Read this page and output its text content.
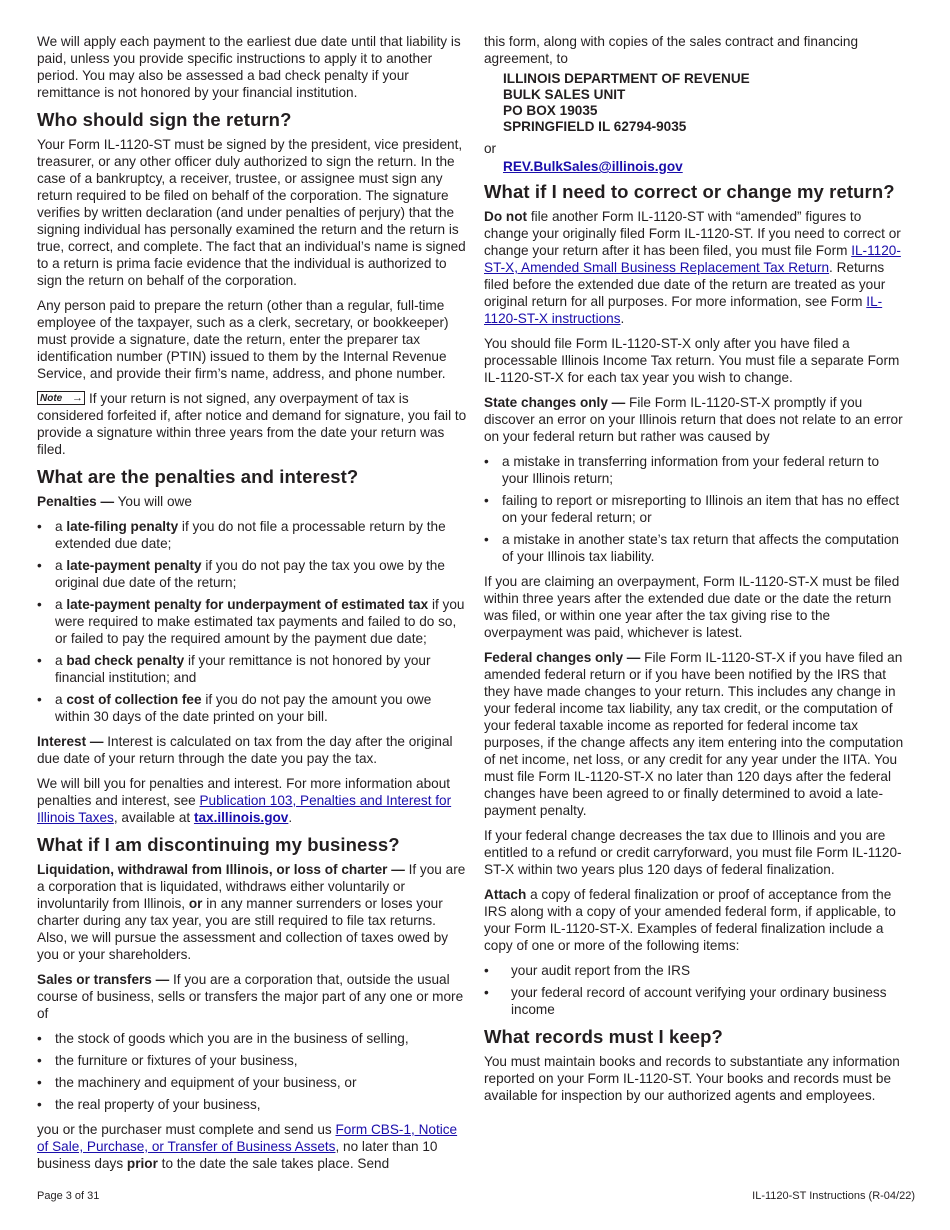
We will apply each payment to the earliest due date until that liability is paid, unless you provide specific instructions to apply it to another period. You may also be assessed a bad check penalty if your remittance is not honored by your financial institution.

Who should sign the return?

Your Form IL-1120-ST must be signed by the president, vice president, treasurer, or any other officer duly authorized to sign the return. In the case of a bankruptcy, a receiver, trustee, or assignee must sign any return required to be filed on behalf of the corporation. The signature verifies by written declaration (and under penalties of perjury) that the signing individual has personally examined the return and the return is true, correct, and complete. The fact that an individual’s name is signed to a return is prima facie evidence that the individual is authorized to sign the return on behalf of the corporation.

Any person paid to prepare the return (other than a regular, full-time employee of the taxpayer, such as a clerk, secretary, or bookkeeper) must provide a signature, date the return, enter the preparer tax identification number (PTIN) issued to them by the Internal Revenue Service, and provide their firm’s name, address, and phone number.

Note → If your return is not signed, any overpayment of tax is considered forfeited if, after notice and demand for signature, you fail to provide a signature within three years from the date your return was filed.

What are the penalties and interest?

Penalties — You will owe

• a late-filing penalty if you do not file a processable return by the extended due date;
• a late-payment penalty if you do not pay the tax you owe by the original due date of the return;
• a late-payment penalty for underpayment of estimated tax if you were required to make estimated tax payments and failed to do so, or failed to pay the required amount by the payment due date;
• a bad check penalty if your remittance is not honored by your financial institution; and
• a cost of collection fee if you do not pay the amount you owe within 30 days of the date printed on your bill.

Interest — Interest is calculated on tax from the day after the original due date of your return through the date you pay the tax.

We will bill you for penalties and interest. For more information about penalties and interest, see Publication 103, Penalties and Interest for Illinois Taxes, available at tax.illinois.gov.

What if I am discontinuing my business?

Liquidation, withdrawal from Illinois, or loss of charter — If you are a corporation that is liquidated, withdraws either voluntarily or involuntarily from Illinois, or in any manner surrenders or loses your charter during any tax year, you are still required to file tax returns. Also, we will pursue the assessment and collection of taxes owed by you or your shareholders.

Sales or transfers — If you are a corporation that, outside the usual course of business, sells or transfers the major part of any one or more of

• the stock of goods which you are in the business of selling,
• the furniture or fixtures of your business,
• the machinery and equipment of your business, or
• the real property of your business,

you or the purchaser must complete and send us Form CBS-1, Notice of Sale, Purchase, or Transfer of Business Assets, no later than 10 business days prior to the date the sale takes place. Send

this form, along with copies of the sales contract and financing agreement, to

ILLINOIS DEPARTMENT OF REVENUE
BULK SALES UNIT
PO BOX 19035
SPRINGFIELD IL 62794-9035
or
REV.BulkSales@illinois.gov
What if I need to correct or change my return?

Do not file another Form IL-1120-ST with “amended” figures to change your originally filed Form IL-1120-ST. If you need to correct or change your return after it has been filed, you must file Form IL-1120-ST-X, Amended Small Business Replacement Tax Return. Returns filed before the extended due date of the return are treated as your original return for all purposes. For more information, see Form IL-1120-ST-X instructions.

You should file Form IL-1120-ST-X only after you have filed a processable Illinois Income Tax return. You must file a separate Form IL-1120-ST-X for each tax year you wish to change.

State changes only — File Form IL-1120-ST-X promptly if you discover an error on your Illinois return that does not relate to an error on your federal return but rather was caused by

• a mistake in transferring information from your federal return to your Illinois return;
• failing to report or misreporting to Illinois an item that has no effect on your federal return; or
• a mistake in another state’s tax return that affects the computation of your Illinois tax liability.

If you are claiming an overpayment, Form IL-1120-ST-X must be filed within three years after the extended due date or the date the return was filed, or within one year after the tax giving rise to the overpayment was paid, whichever is latest.

Federal changes only — File Form IL-1120-ST-X if you have filed an amended federal return or if you have been notified by the IRS that they have made changes to your return. This includes any change in your federal income tax liability, any tax credit, or the computation of your federal taxable income as reported for federal income tax purposes, if the change affects any item entering into the computation of net income, net loss, or any credit for any year under the IITA. You must file Form IL-1120-ST-X no later than 120 days after the federal changes have been agreed to or finally determined to avoid a late-payment penalty.

If your federal change decreases the tax due to Illinois and you are entitled to a refund or credit carryforward, you must file Form IL-1120-ST-X within two years plus 120 days of federal finalization.

Attach a copy of federal finalization or proof of acceptance from the IRS along with a copy of your amended federal form, if applicable, to your Form IL-1120-ST-X. Examples of federal finalization include a copy of one or more of the following items:

• your audit report from the IRS
• your federal record of account verifying your ordinary business income
What records must I keep?

You must maintain books and records to substantiate any information reported on your Form IL-1120-ST. Your books and records must be available for inspection by our authorized agents and employees.

Page 3 of 31	IL-1120-ST Instructions (R-04/22)
